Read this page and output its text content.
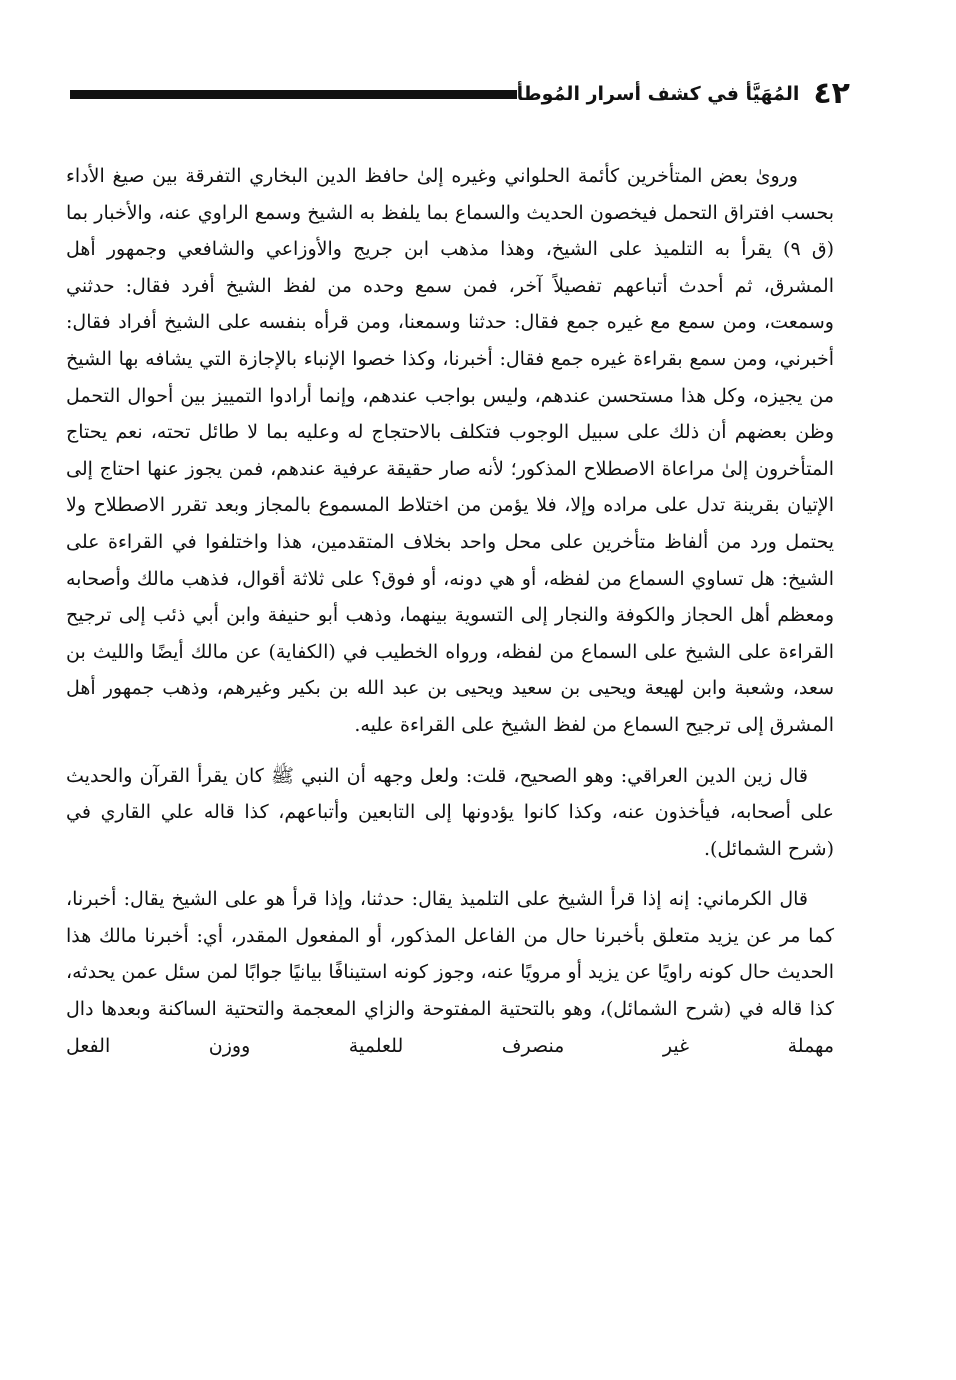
٤٢
المُهَيَّأ في كشف أسرار المُوطأ

وروىٰ بعض المتأخرين كأئمة الحلواني وغيره إلىٰ حافظ الدين البخاري التفرقة بين صيغ الأداء بحسب افتراق التحمل فيخصون الحديث والسماع بما يلفظ به الشيخ وسمع الراوي عنه، والأخبار بما (ق ٩) يقرأ به التلميذ على الشيخ، وهذا مذهب ابن جريج والأوزاعي والشافعي وجمهور أهل المشرق، ثم أحدث أتباعهم تفصيلاً آخر، فمن سمع وحده من لفظ الشيخ أفرد فقال: حدثني وسمعت، ومن سمع مع غيره جمع فقال: حدثنا وسمعنا، ومن قرأه بنفسه على الشيخ أفراد فقال: أخبرني، ومن سمع بقراءة غيره جمع فقال: أخبرنا، وكذا خصوا الإنباء بالإجازة التي يشافه بها الشيخ من يجيزه، وكل هذا مستحسن عندهم، وليس بواجب عندهم، وإنما أرادوا التمييز بين أحوال التحمل وظن بعضهم أن ذلك على سبيل الوجوب فتكلف بالاحتجاج له وعليه بما لا طائل تحته، نعم يحتاج المتأخرون إلىٰ مراعاة الاصطلاح المذكور؛ لأنه صار حقيقة عرفية عندهم، فمن يجوز عنها احتاج إلى الإتيان بقرينة تدل على مراده وإلا، فلا يؤمن من اختلاط المسموع بالمجاز وبعد تقرر الاصطلاح ولا يحتمل ورد من ألفاظ متأخرين على محل واحد بخلاف المتقدمين، هذا واختلفوا في القراءة على الشيخ: هل تساوي السماع من لفظه، أو هي دونه، أو فوق؟ على ثلاثة أقوال، فذهب مالك وأصحابه ومعظم أهل الحجاز والكوفة والنجار إلى التسوية بينهما، وذهب أبو حنيفة وابن أبي ذئب إلى ترجيح القراءة على الشيخ على السماع من لفظه، ورواه الخطيب في (الكفاية) عن مالك أيضًا والليث بن سعد، وشعبة وابن لهيعة ويحيى بن سعيد ويحيى بن عبد الله بن بكير وغيرهم، وذهب جمهور أهل المشرق إلى ترجيح السماع من لفظ الشيخ على القراءة عليه.

قال زين الدين العراقي: وهو الصحيح، قلت: ولعل وجهه أن النبي ﷺ كان يقرأ القرآن والحديث على أصحابه، فيأخذون عنه، وكذا كانوا يؤدونها إلى التابعين وأتباعهم، كذا قاله علي القاري في (شرح الشمائل).

قال الكرماني: إنه إذا قرأ الشيخ على التلميذ يقال: حدثنا، وإذا قرأ هو على الشيخ يقال: أخبرنا، كما مر عن يزيد متعلق بأخبرنا حال من الفاعل المذكور، أو المفعول المقدر، أي: أخبرنا مالك هذا الحديث حال كونه راويًا عن يزيد أو مرويًا عنه، وجوز كونه استينافًا بيانيًا جوابًا لمن سئل عمن يحدثه، كذا قاله في (شرح الشمائل)، وهو بالتحتية المفتوحة والزاي المعجمة والتحتية الساكنة وبعدها دال مهملة غير منصرف للعلمية ووزن الفعل
